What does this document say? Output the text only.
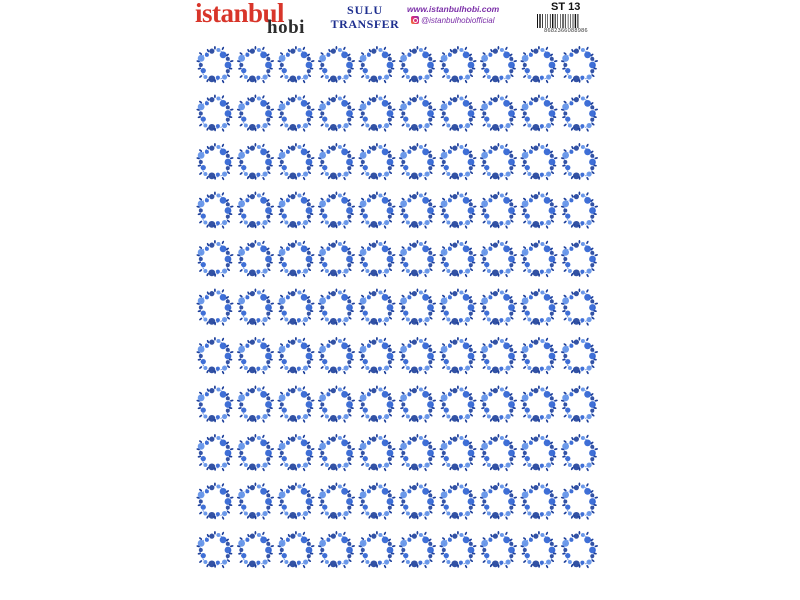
istanbul
hobi
SULU
TRANSFER
www.istanbulhobi.com
@istanbulhobiofficial
ST 13
8682366088986
